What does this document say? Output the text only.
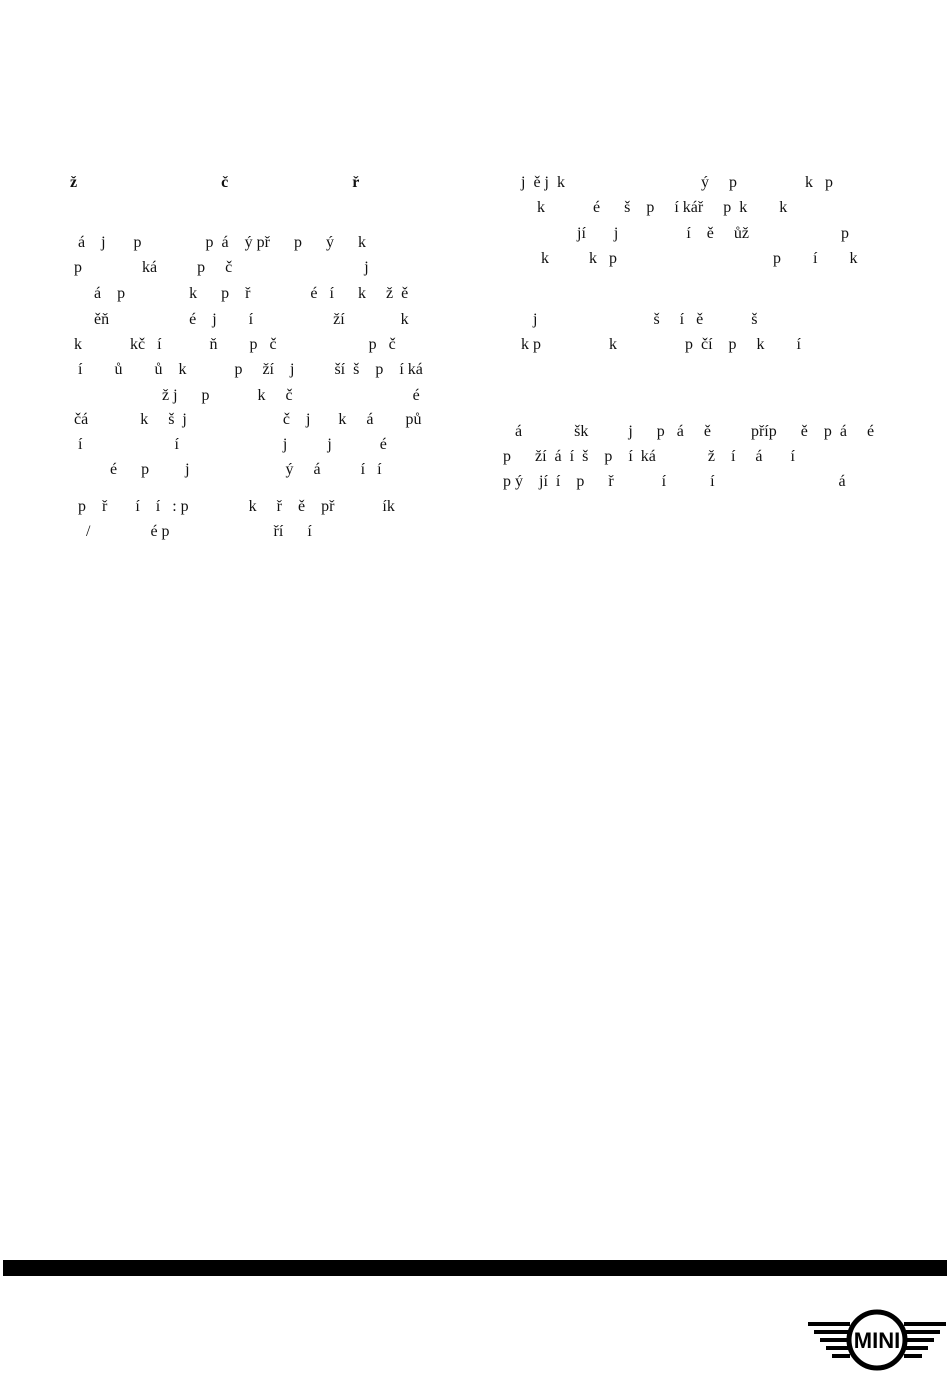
ž                                    č                               ř
á    j       p                p  á    ý př      p      ý      k
p               ká          p     č                                 j
á    p                k      p    ř               é   í      k     ž  ě
ěň                    é    j        í                    ží              k
k            kč   í            ň        p   č                       p   č
í        ů        ů    k            p     ží    j          ší  š    p    í ká
ž j      p            k     č                              é
čá             k     š  j                        č    j       k     á        pů
í                       í                          j          j            é
é      p         j                        ý     á          í   í
p    ř       í    í   : p               k     ř    ě    př            ík
/               é p                          ří      í
j  ě j  k                                  ý     p                 k   p
k            é      š    p     í kář     p  k        k
jí       j                 í    ě     ůž                       p
k          k   p                                       p        í        k
j                             š     í   ě            š
k p                 k                 p  čí    p     k        í
á             šk          j      p   á     ě          příp      ě    p  á     é
p      ží  á  í  š    p    í  ká             ž    í     á       í
p ý    jí  í    p      ř            í           í                               á
MINI
